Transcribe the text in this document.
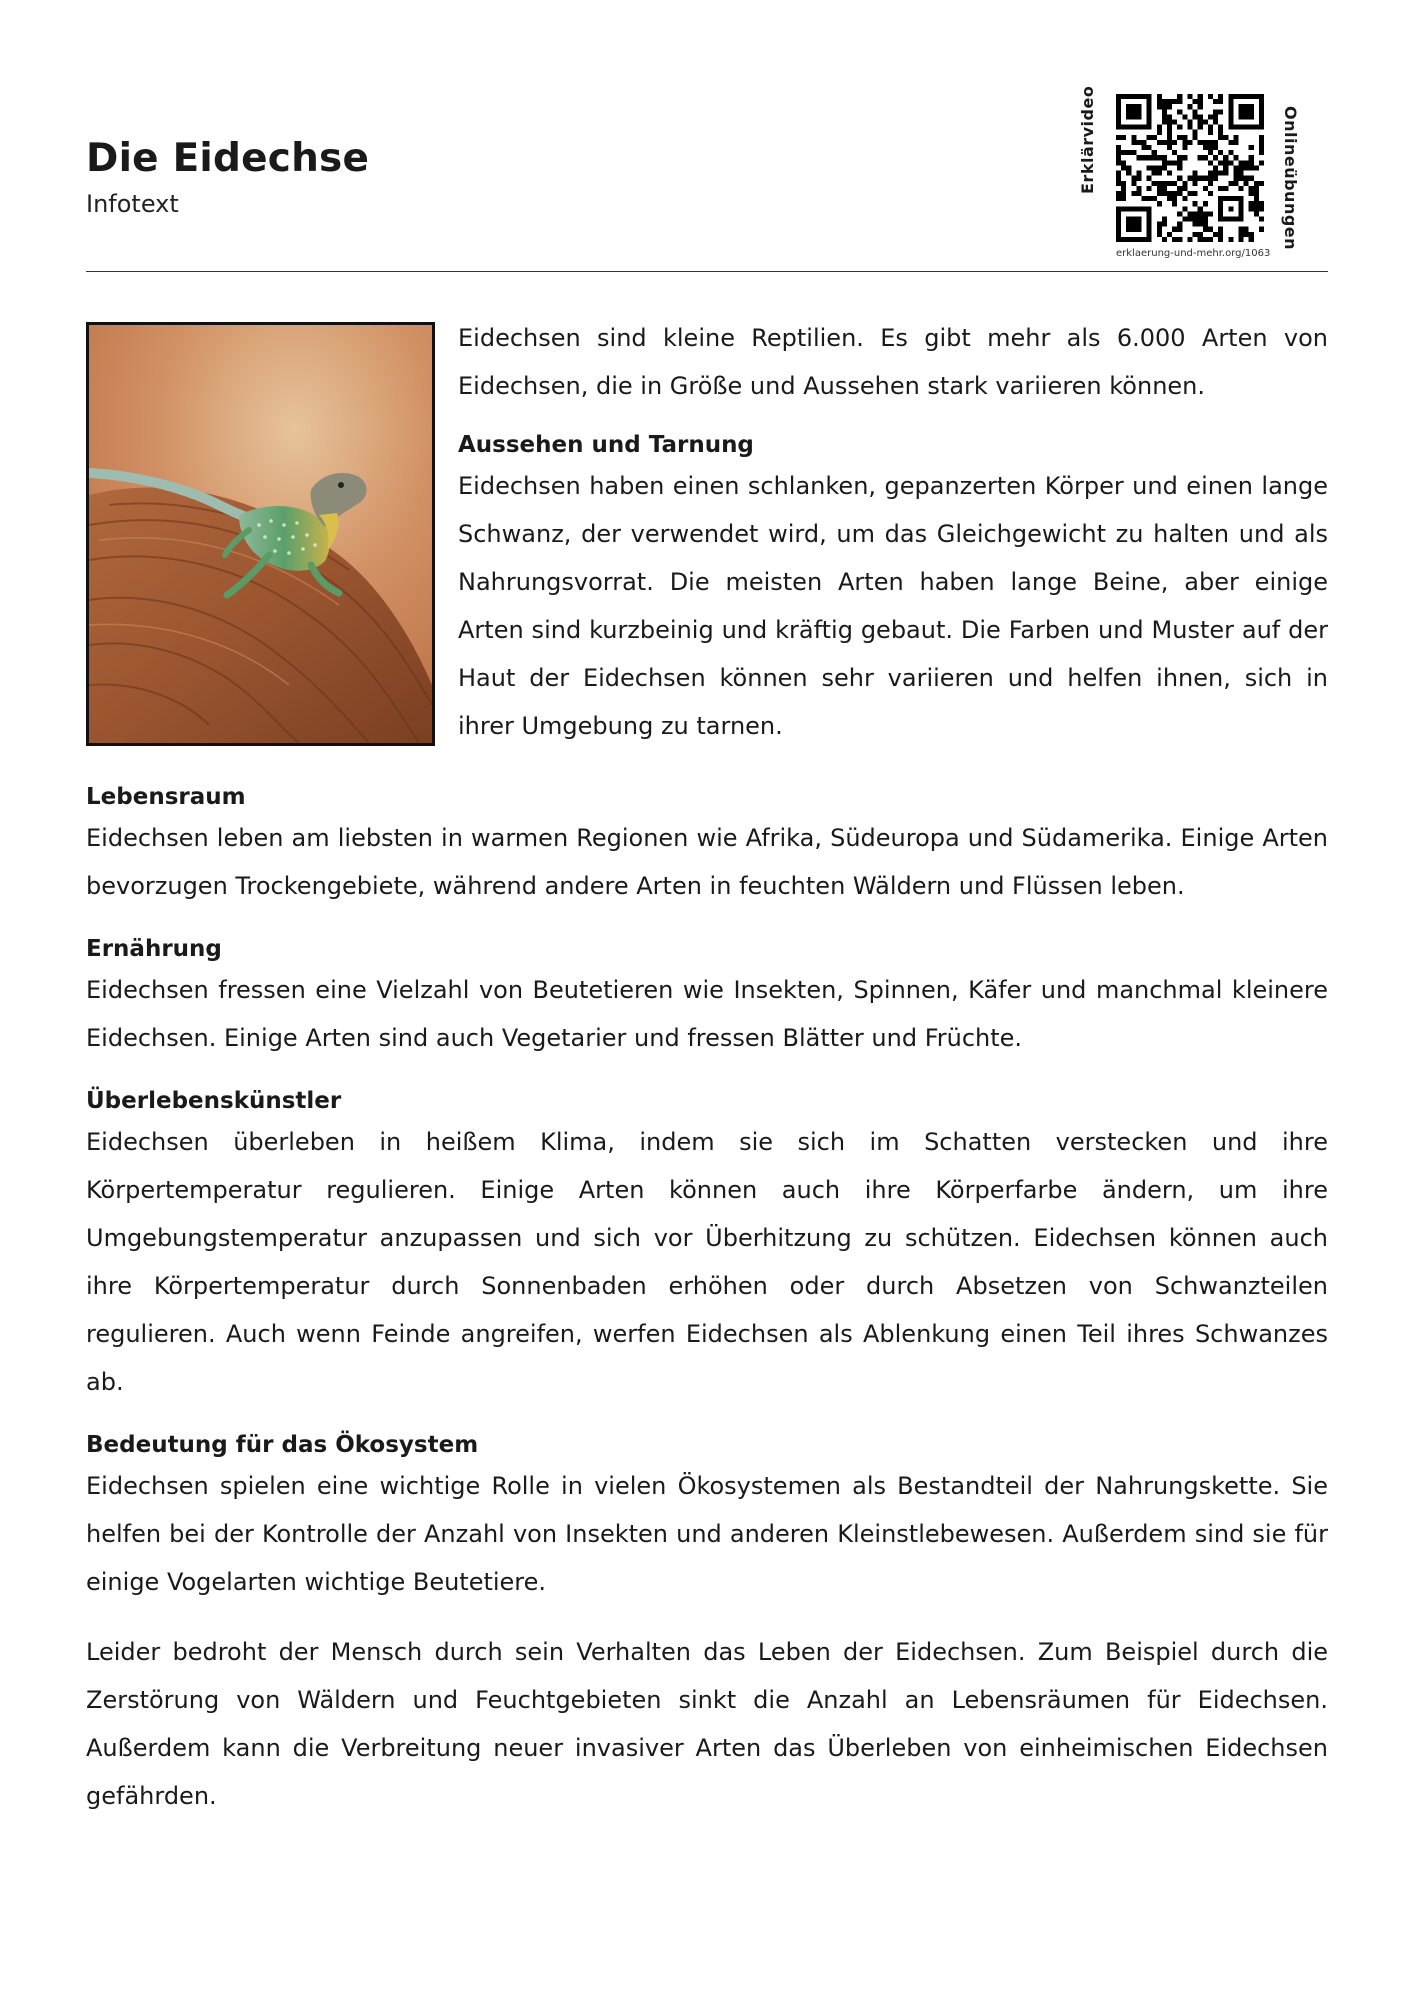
Die Eidechse
Infotext
Erklärvideo	Onlineübungen
erklaerung-und-mehr.org/1063

Eidechsen sind kleine Reptilien. Es gibt mehr als 6.000 Arten von Eidechsen, die in Größe und Aussehen stark variieren können.

Aussehen und Tarnung

Eidechsen haben einen schlanken, gepanzerten Körper und einen lange Schwanz, der verwendet wird, um das Gleichgewicht zu halten und als Nahrungsvorrat. Die meisten Arten haben lange Beine, aber einige Arten sind kurzbeinig und kräftig gebaut. Die Farben und Muster auf der Haut der Eidechsen können sehr variieren und helfen ihnen, sich in ihrer Umgebung zu tarnen.

Lebensraum

Eidechsen leben am liebsten in warmen Regionen wie Afrika, Südeuropa und Südamerika. Einige Arten bevorzugen Trockengebiete, während andere Arten in feuchten Wäldern und Flüssen leben.

Ernährung

Eidechsen fressen eine Vielzahl von Beutetieren wie Insekten, Spinnen, Käfer und manchmal kleinere Eidechsen. Einige Arten sind auch Vegetarier und fressen Blätter und Früchte.

Überlebenskünstler

Eidechsen überleben in heißem Klima, indem sie sich im Schatten verstecken und ihre Körpertemperatur regulieren. Einige Arten können auch ihre Körperfarbe ändern, um ihre Umgebungstemperatur anzupassen und sich vor Überhitzung zu schützen. Eidechsen können auch ihre Körpertemperatur durch Sonnenbaden erhöhen oder durch Absetzen von Schwanzteilen regulieren. Auch wenn Feinde angreifen, werfen Eidechsen als Ablenkung einen Teil ihres Schwanzes ab.

Bedeutung für das Ökosystem

Eidechsen spielen eine wichtige Rolle in vielen Ökosystemen als Bestandteil der Nahrungskette. Sie helfen bei der Kontrolle der Anzahl von Insekten und anderen Kleinstlebewesen. Außerdem sind sie für einige Vogelarten wichtige Beutetiere.

Leider bedroht der Mensch durch sein Verhalten das Leben der Eidechsen. Zum Beispiel durch die Zerstörung von Wäldern und Feuchtgebieten sinkt die Anzahl an Lebensräumen für Eidechsen. Außerdem kann die Verbreitung neuer invasiver Arten das Überleben von einheimischen Eidechsen gefährden.
